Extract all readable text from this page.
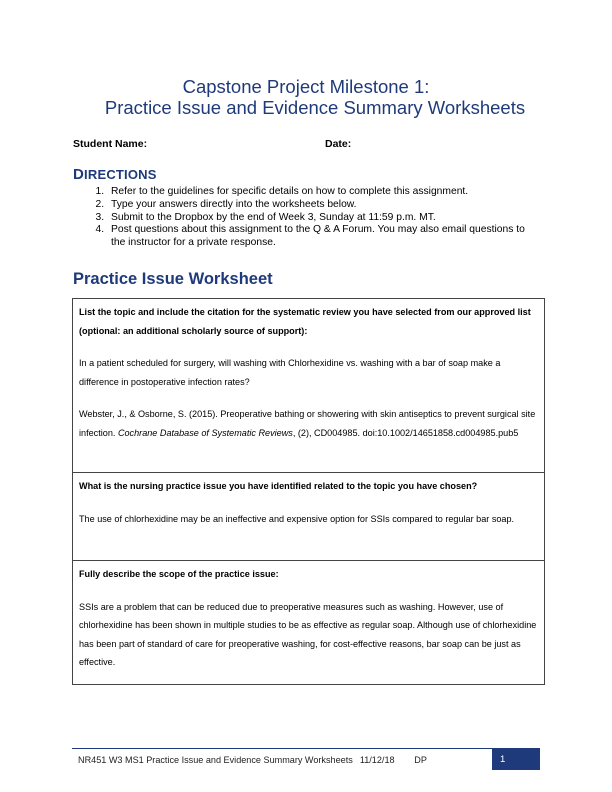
Capstone Project Milestone 1:
Practice Issue and Evidence Summary Worksheets
Student Name:	Date:
DIRECTIONS
1. Refer to the guidelines for specific details on how to complete this assignment.
2. Type your answers directly into the worksheets below.
3. Submit to the Dropbox by the end of Week 3, Sunday at 11:59 p.m. MT.
4. Post questions about this assignment to the Q & A Forum. You may also email questions to the instructor for a private response.
Practice Issue Worksheet

List the topic and include the citation for the systematic review you have selected from our approved list (optional: an additional scholarly source of support):

In a patient scheduled for surgery, will washing with Chlorhexidine vs. washing with a bar of soap make a difference in postoperative infection rates?

Webster, J., & Osborne, S. (2015). Preoperative bathing or showering with skin antiseptics to prevent surgical site infection. Cochrane Database of Systematic Reviews, (2), CD004985. doi:10.1002/14651858.cd004985.pub5

What is the nursing practice issue you have identified related to the topic you have chosen?

The use of chlorhexidine may be an ineffective and expensive option for SSIs compared to regular bar soap.

Fully describe the scope of the practice issue:

SSIs are a problem that can be reduced due to preoperative measures such as washing. However, use of chlorhexidine has been shown in multiple studies to be as effective as regular soap. Although use of chlorhexidine has been part of standard of care for preoperative washing, for cost-effective reasons, bar soap can be just as effective.

NR451 W3 MS1 Practice Issue and Evidence Summary Worksheets 11/12/18 DP	1
